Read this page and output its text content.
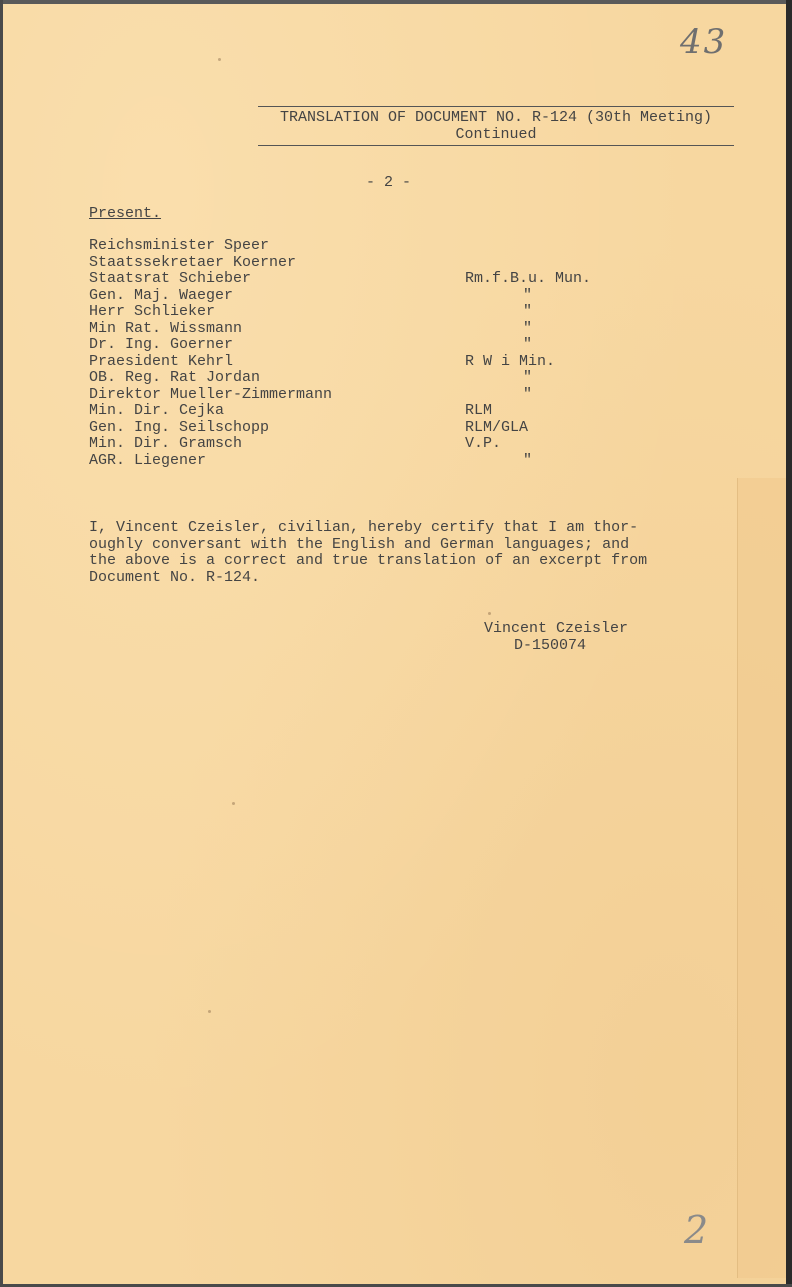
43
TRANSLATION OF DOCUMENT NO. R-124 (30th Meeting)
Continued
- 2 -
Present.
Reichsminister Speer
Staatssekretaer Koerner
Staatsrat Schieber	Rm.f.B.u. Mun.
Gen. Maj. Waeger	"
Herr Schlieker	"
Min Rat. Wissmann	"
Dr. Ing. Goerner	"
Praesident Kehrl	R W i Min.
OB. Reg. Rat Jordan	"
Direktor Mueller-Zimmermann	"
Min. Dir. Cejka	RLM
Gen. Ing. Seilschopp	RLM/GLA
Min. Dir. Gramsch	V.P.
AGR. Liegener	"
I, Vincent Czeisler, civilian, hereby certify that I am thor-
oughly conversant with the English and German languages; and
the above is a correct and true translation of an excerpt from
Document No. R-124.
Vincent Czeisler
D-150074
2
